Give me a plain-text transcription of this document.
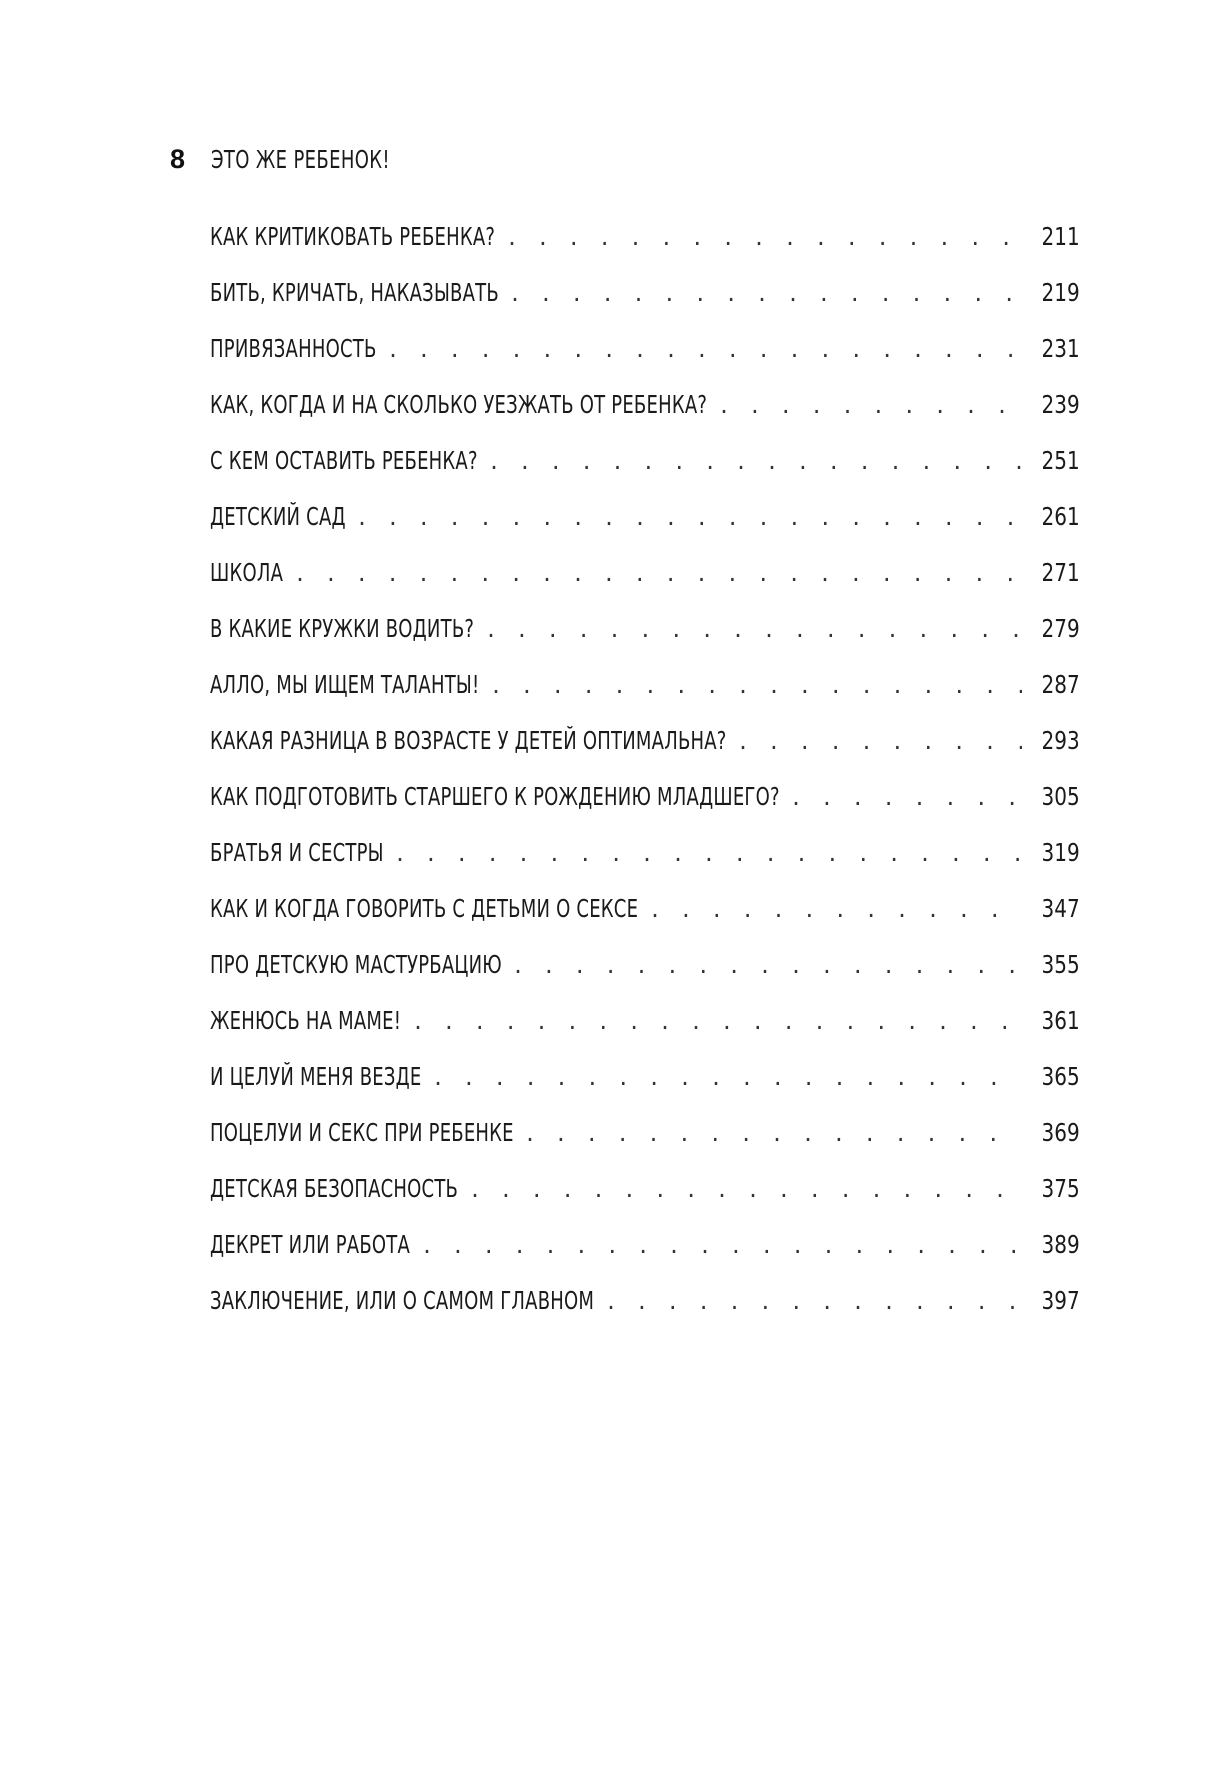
8 ЭТО ЖЕ РЕБЕНОК!
КАК КРИТИКОВАТЬ РЕБЕНКА? . . .	211
БИТЬ, КРИЧАТЬ, НАКАЗЫВАТЬ . . .	219
ПРИВЯЗАННОСТЬ . . .	231
КАК, КОГДА И НА СКОЛЬКО УЕЗЖАТЬ ОТ РЕБЕНКА? . . .	239
С КЕМ ОСТАВИТЬ РЕБЕНКА? . . .	251
ДЕТСКИЙ САД . . .	261
ШКОЛА . . .	271
В КАКИЕ КРУЖКИ ВОДИТЬ? . . .	279
АЛЛО, МЫ ИЩЕМ ТАЛАНТЫ! . . .	287
КАКАЯ РАЗНИЦА В ВОЗРАСТЕ У ДЕТЕЙ ОПТИМАЛЬНА? . . .	293
КАК ПОДГОТОВИТЬ СТАРШЕГО К РОЖДЕНИЮ МЛАДШЕГО? . . .	305
БРАТЬЯ И СЕСТРЫ . . .	319
КАК И КОГДА ГОВОРИТЬ С ДЕТЬМИ О СЕКСЕ . . .	347
ПРО ДЕТСКУЮ МАСТУРБАЦИЮ . . .	355
ЖЕНЮСЬ НА МАМЕ! . . .	361
И ЦЕЛУЙ МЕНЯ ВЕЗДЕ . . .	365
ПОЦЕЛУИ И СЕКС ПРИ РЕБЕНКЕ . . .	369
ДЕТСКАЯ БЕЗОПАСНОСТЬ . . .	375
ДЕКРЕТ ИЛИ РАБОТА . . .	389
ЗАКЛЮЧЕНИЕ, ИЛИ О САМОМ ГЛАВНОМ . . .	397
